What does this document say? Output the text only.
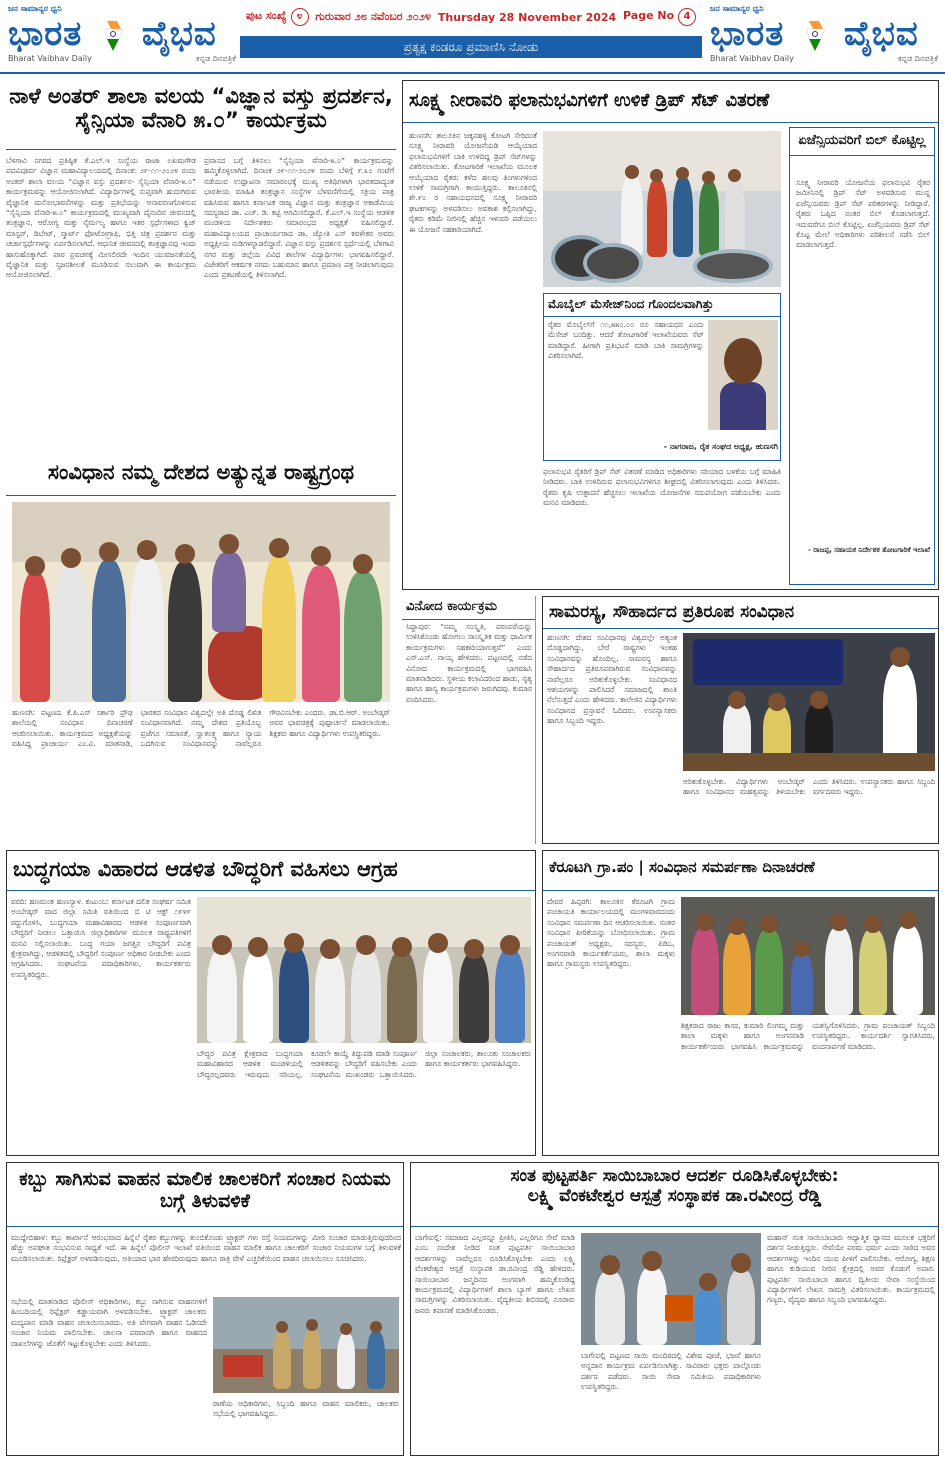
ಜನ ಸಾಮಾನ್ಯರ ಧ್ವನಿ
ಭಾರತ ವೈಭವ
Bharat Vaibhav Daily	ಕನ್ನಡ ದಿನಪತ್ರಿಕೆ
ಪುಟ ಸಂಖ್ಯೆ ೪	ಗುರುವಾರ ೨೮ ನವೆಂಬರ ೨೦೨೪ Thursday 28 November 2024 Page No 4
ಪ್ರತ್ಯಕ್ಷ ಕಂಡರೂ ಪ್ರಮಾಣಿಸಿ ನೋಡು
ಜನ ಸಾಮಾನ್ಯರ ಧ್ವನಿ
ಭಾರತ ವೈಭವ
Bharat Vaibhav Daily	ಕನ್ನಡ ದಿನಪತ್ರಿಕೆ
ನಾಳೆ ಅಂತರ್ ಶಾಲಾ ವಲಯ “ವಿಜ್ಞಾನ ವಸ್ತು ಪ್ರದರ್ಶನ, ಸೈನ್ಸಿಯಾ ವೆನಾರಿ ೫.೦” ಕಾರ್ಯಕ್ರಮ
ಬೆಳಗಾವಿ ನಗರದ ಪ್ರತಿಷ್ಠಿತ ಕೆ.ಎಲ್.ಇ ಸಂಸ್ಥೆಯ ರಾಜಾ ಲಖಮಗೌಡ ಪದವಿಪೂರ್ವ ವಿಜ್ಞಾನ ಮಹಾವಿದ್ಯಾಲಯದಲ್ಲಿ ದಿನಾಂಕ: ೨೯-೧೧-೨೦೨೪ ರಂದು ಅಂತರ್ ಶಾಲಾ ವಲಯ “ವಿಜ್ಞಾನ ವಸ್ತು ಪ್ರದರ್ಶನ- ಸೈನ್ಸಿಯಾ ವೆನಾರಿ-೫.೦” ಕಾರ್ಯಕ್ರಮವನ್ನು ಆಯೋಜಿಸಲಾಗಿದೆ. ವಿದ್ಯಾರ್ಥಿಗಳಲ್ಲಿ ಸುಪ್ತವಾಗಿ ಹುದುಗಿರುವ ವೈಜ್ಞಾನಿಕ ಮನೋಭಾವನೆಗಳನ್ನು ಮತ್ತು ಪ್ರತಿಭೆಯನ್ನು ಅನಾವರಣಗೊಳಿಸುವ “ಸೈನ್ಸಿಯಾ ವೆನಾರಿ-೫.೦” ಕಾರ್ಯಕ್ರಮದಲ್ಲಿ ಮುಖ್ಯವಾಗಿ ದೈನಂದಿನ ಜೀವನದಲ್ಲಿ ತಂತ್ರಜ್ಞಾನ, ಆರೋಗ್ಯ ಮತ್ತು ನೈರ್ಮಲ್ಯ ಹಾಗೂ ಇತರ ಸ್ಪರ್ಧೆಗಳಾದ ಕ್ವಿಜ್ ಮಾಸ್ಟರ್, ಡಿಬೇಟ್, ಸ್ಮಾರ್ಟ್ ಫೋಟೋಗ್ರಾಫಿ, ಭಿತ್ತಿ ಚಿತ್ರ ಪ್ರದರ್ಶನ ಮತ್ತು ಚರ್ಚಾಸ್ಪರ್ಧೆಗಳನ್ನು ಏರ್ಪಡಿಸಲಾಗಿದೆ. ಆಧುನಿಕ ಜೀವನದಲ್ಲಿ ತಂತ್ರಜ್ಞಾನವು ಇಂದು ಹಾಸುಹೊಕ್ಕಾಗಿದೆ. ಪಾಠ ಪ್ರವಚನಕ್ಕೆ ಮೀಸಲಿರದೇ ಇಂದಿನ ಯುವಜನತೆಯಲ್ಲಿ ವೈಜ್ಞಾನಿಕ ಮತ್ತು ಸೃಜನಶೀಲತೆ ಮೂಡಿಸುವ ಸಲುವಾಗಿ ಈ ಕಾರ್ಯಕ್ರಮ ಆಯೋಜಿಸಲಾಗಿದೆ.
ಪ್ರವಾಸದ ಬಗ್ಗೆ ತಿಳಿಸಲು “ಸೈನ್ಸಿಯಾ ವೆನಾರಿ-೫.೦” ಕಾರ್ಯಕ್ರಮವನ್ನು ಹಮ್ಮಿಕೊಳ್ಳಲಾಗಿದೆ. ದಿನಾಂಕ ೨೯-೧೧-೨೦೨೪ ರಂದು ಬೆಳಿಗ್ಗೆ ೯.೩೦ ಗಂಟೆಗೆ ನಡೆಯುವ ಉದ್ಘಾಟನಾ ಸಮಾರಂಭಕ್ಕೆ ಮುಖ್ಯ ಅತಿಥಿಗಳಾಗಿ ಭಾರತದಾದ್ಯಂತ ಭಾರತೀಯ ಮಾಹಿತಿ ತಂತ್ರಜ್ಞಾನ ಸಂಸ್ಥೆಗಳ ಬೆಳವಣಿಗೆಯಲ್ಲಿ ಸಕ್ರಿಯ ಪಾತ್ರ ವಹಿಸಿರುವ ಹಾಗೂ ಕರ್ನಾಟಕ ರಾಜ್ಯ ವಿಜ್ಞಾನ ಮತ್ತು ತಂತ್ರಜ್ಞಾನ ಅಕಾಡೆಮಿಯ ಸದಸ್ಯರಾದ ಡಾ. ಎಚ್. ಡಿ. ಕಟ್ಟಿ ಆಗಮಿಸಲಿದ್ದಾರೆ. ಕೆ.ಎಲ್.ಇ ಸಂಸ್ಥೆಯ ಆಡಳಿತ ಮಂಡಳಿಯ ನಿರ್ದೇಶಕರು ಸಮಾರಂಭದ ಅಧ್ಯಕ್ಷತೆ ವಹಿಸಲಿದ್ದಾರೆ. ಮಹಾವಿದ್ಯಾಲಯದ ಪ್ರಾಚಾರ್ಯರಾದ ಡಾ. ಜ್ಯೋತಿ ಎಸ್ ಕವಳೇಕರ ಅವರು ಅಧ್ಯಕ್ಷೀಯ ನುಡಿಗಳನ್ನಾಡಲಿದ್ದಾರೆ. ವಿಜ್ಞಾನ ವಸ್ತು ಪ್ರದರ್ಶನ ಸ್ಪರ್ಧೆಯಲ್ಲಿ ಬೆಳಗಾವಿ ನಗರ ಮತ್ತು ಜಿಲ್ಲೆಯ ವಿವಿಧ ಶಾಲೆಗಳ ವಿದ್ಯಾರ್ಥಿಗಳು ಭಾಗವಹಿಸಲಿದ್ದಾರೆ. ವಿಜೇತರಿಗೆ ಆಕರ್ಷಕ ನಗದು ಬಹುಮಾನ ಹಾಗೂ ಪ್ರಮಾಣ ಪತ್ರ ನೀಡಲಾಗುವುದು ಎಂದು ಪ್ರಕಟಣೆಯಲ್ಲಿ ತಿಳಿಸಲಾಗಿದೆ.
ಸೂಕ್ಷ್ಮ ನೀರಾವರಿ ಫಲಾನುಭವಿಗಳಿಗೆ ಉಳಿಕೆ ಡ್ರಿಪ್ ಸೆಟ್ ವಿತರಣೆ
ಹುಣಸಗಿ: ತಾಲೂಕಿನ ಜಕ್ಕನಹಳ್ಳಿ ಕೋಟಗಿ ಸೇರಿದಂತೆ ಸೂಕ್ಷ್ಮ ನೀರಾವರಿ ಯೋಜನೆಯಡಿ ಆಯ್ಕೆಯಾದ ಫಲಾನುಭವಿಗಳಿಗೆ ಬಾಕಿ ಉಳಿದಿದ್ದ ಡ್ರಿಪ್ ಸೆಟ್‌ಗಳನ್ನು ವಿತರಿಸಲಾಯಿತು. ತೋಟಗಾರಿಕೆ ಇಲಾಖೆಯ ಮೂಲಕ ಆಯ್ಕೆಯಾದ ರೈತರು ಕಳೆದ ಹಲವು ತಿಂಗಳುಗಳಿಂದ ಉಳಿಕೆ ಸಾಮಗ್ರಿಗಾಗಿ ಕಾಯುತ್ತಿದ್ದರು. ತಾಲೂಕಿನಲ್ಲಿ ಶೇ.೯೦ ರ ಸಹಾಯಧನದಲ್ಲಿ ಸೂಕ್ಷ್ಮ ನೀರಾವರಿ ಘಟಕಗಳನ್ನು ಅಳವಡಿಸಲು ಅವಕಾಶ ಕಲ್ಪಿಸಲಾಗಿದ್ದು, ರೈತರು ಕಡಿಮೆ ನೀರಿನಲ್ಲಿ ಹೆಚ್ಚಿನ ಇಳುವರಿ ಪಡೆಯಲು ಈ ಯೋಜನೆ ಸಹಕಾರಿಯಾಗಿದೆ.
ಫಲಾನುಭವಿ ರೈತರಿಗೆ ಡ್ರಿಪ್ ಸೆಟ್ ವಿತರಣೆ ಮಾಡಿದ ಅಧಿಕಾರಿಗಳು ಸರಿಯಾದ ಬಳಕೆಯ ಬಗ್ಗೆ ಮಾಹಿತಿ ನೀಡಿದರು. ಬಾಕಿ ಉಳಿದಿರುವ ಫಲಾನುಭವಿಗಳಿಗೂ ಶೀಘ್ರದಲ್ಲಿ ವಿತರಿಸಲಾಗುವುದು ಎಂದು ತಿಳಿಸಿದರು. ರೈತರು ಕೃಷಿ ಉತ್ಪಾದನೆ ಹೆಚ್ಚಿಸಲು ಇಲಾಖೆಯ ಯೋಜನೆಗಳ ಸದುಪಯೋಗ ಪಡೆಯಬೇಕು ಎಂದು ಮನವಿ ಮಾಡಿದರು.
ಮೊಬೈಲ್ ಮೆಸೇಜ್‌ನಿಂದ ಗೊಂದಲವಾಗಿತ್ತು
ರೈತರ ಮೊಬೈಲ್‌ಗೆ ೧೧,೫೫೦.೦೦ ರೂ ಸಹಾಯಧನ ಎಂದು ಮೆಸೇಜ್ ಬಂದಿತ್ತು. ಆದರೆ ತೋಟಗಾರಿಕೆ ಇಲಾಖೆಯವರು ಸೆಟ್ ಮಾಡಿದ್ದಾರೆ. ಹೀಗಾಗಿ ಪ್ರತಿಭಟನೆ ಮಾಡಿ ಬಾಕಿ ಸಾಮಗ್ರಿಗಳನ್ನು ವಿತರಿಸಲಾಗಿದೆ.
- ನಾಗರಾಜ, ರೈತ ಸಂಘದ ಅಧ್ಯಕ್ಷ, ಹುಣಸಗಿ
ಏಜೆನ್ಸಿಯವರಿಗೆ ಬಿಲ್ ಕೊಟ್ಟಿಲ್ಲ
ಸೂಕ್ಷ್ಮ ನೀರಾವರಿ ಯೋಜನೆಯ ಫಲಾನುಭವಿ ರೈತರ ಜಮೀನಿನಲ್ಲಿ ಡ್ರಿಪ್ ಸೆಟ್ ಅಳವಡಿಸುವ ಮುನ್ನ ಏಜೆನ್ಸಿಯವರು ಡ್ರಿಪ್ ಸೆಟ್ ಪರಿಕರಗಳನ್ನು ನೀಡಿದ್ದಾರೆ. ರೈತರು ಒಪ್ಪಿದ ನಂತರ ಬಿಲ್ ಕೊಡಲಾಗುತ್ತದೆ. ಇದುವರೆಗೂ ಬಿಲ್ ಕೊಟ್ಟಿಲ್ಲ. ಏಜೆನ್ಸಿಯವರು ಡ್ರಿಪ್ ಸೆಟ್ ಕೊಟ್ಟ ಮೇಲೆ ಅಧಿಕಾರಿಗಳು ಪರಿಶೀಲನೆ ನಡೆಸಿ ಬಿಲ್ ಮಾಡಲಾಗುತ್ತದೆ.
- ರಾಜಪ್ಪ, ಸಹಾಯಕ ನಿರ್ದೇಶಕ ತೋಟಗಾರಿಕೆ ಇಲಾಖೆ
ಸಂವಿಧಾನ ನಮ್ಮ ದೇಶದ ಅತ್ಯುನ್ನತ ರಾಷ್ಟ್ರಗ್ರಂಥ
ಹುಣಸಗಿ: ಪಟ್ಟಣದ ಕೆ.ಪಿ.ಎಸ್ ಸರ್ಕಾರಿ ಪ್ರೌಢ ಶಾಲೆಯಲ್ಲಿ ಸಂವಿಧಾನ ದಿನಾಚರಣೆ ಆಚರಿಸಲಾಯಿತು. ಕಾರ್ಯಕ್ರಮದ ಅಧ್ಯಕ್ಷತೆಯನ್ನು ವಹಿಸಿದ್ದ ಪ್ರಾಚಾರ್ಯ ಎಂ.ವಿ. ಮಾತನಾಡಿ, ಭಾರತದ ಸಂವಿಧಾನ ವಿಶ್ವದಲ್ಲೇ ಅತಿ ದೊಡ್ಡ ಲಿಖಿತ ಸಂವಿಧಾನವಾಗಿದೆ. ನಮ್ಮ ದೇಶದ ಪ್ರತಿಯೊಬ್ಬ ಪ್ರಜೆಗೂ ಸಮಾನತೆ, ಸ್ವಾತಂತ್ರ್ಯ ಹಾಗೂ ನ್ಯಾಯ ಒದಗಿಸುವ ಸಂವಿಧಾನವನ್ನು ನಾವೆಲ್ಲರೂ ಗೌರವಿಸಬೇಕು ಎಂದರು. ಡಾ.ಬಿ.ಆರ್. ಅಂಬೇಡ್ಕರ್ ಅವರ ಭಾವಚಿತ್ರಕ್ಕೆ ಪುಷ್ಪಾರ್ಚನೆ ಮಾಡಲಾಯಿತು. ಶಿಕ್ಷಕರು ಹಾಗೂ ವಿದ್ಯಾರ್ಥಿಗಳು ಉಪಸ್ಥಿತರಿದ್ದರು.
ವಿನೋದ ಕಾರ್ಯಕ್ರಮ
ಸಿದ್ದಾಪುರ: “ನಮ್ಮ ಸಂಸ್ಕೃತಿ, ಪರಂಪರೆಯನ್ನು ಉಳಿಸಿಕೊಂಡು ಹೋಗಲು ಸಾಂಸ್ಕೃತಿಕ ಮತ್ತು ಧಾರ್ಮಿಕ ಕಾರ್ಯಕ್ರಮಗಳು ಸಹಕಾರಿಯಾಗುತ್ತವೆ” ಎಂದು ಎಸ್.ಎಸ್. ನಾಯ್ಕ ಹೇಳಿದರು. ಪಟ್ಟಣದಲ್ಲಿ ನಡೆದ ವಿನೋದ ಕಾರ್ಯಕ್ರಮದಲ್ಲಿ ಭಾಗವಹಿಸಿ ಮಾತನಾಡಿದರು. ಸ್ಥಳೀಯ ಕಲಾವಿದರಿಂದ ಹಾಡು, ನೃತ್ಯ ಹಾಗೂ ಹಾಸ್ಯ ಕಾರ್ಯಕ್ರಮಗಳು ಜರುಗಿದವು. ಕುಮಾರ ವಂದಿಸಿದರು.
ಸಾಮರಸ್ಯ, ಸೌಹಾರ್ದದ ಪ್ರತಿರೂಪ ಸಂವಿಧಾನ
ಹುಣಸಗಿ: ದೇಶದ ಸಂವಿಧಾನವು ವಿಶ್ವದಲ್ಲೇ ಅತ್ಯಂತ ದೊಡ್ಡದಾಗಿದ್ದು, ಬೇರೆ ರಾಷ್ಟ್ರಗಳು ಇಂತಹ ಸಂವಿಧಾನವನ್ನು ಹೊಂದಿಲ್ಲ. ಸಾಮರಸ್ಯ ಹಾಗೂ ಸೌಹಾರ್ದದ ಪ್ರತಿರೂಪವಾಗಿರುವ ಸಂವಿಧಾನವನ್ನು ನಾವೆಲ್ಲರೂ ಅರಿತುಕೊಳ್ಳಬೇಕು. ಸಂವಿಧಾನದ ಆಶಯಗಳನ್ನು ಪಾಲಿಸಿದರೆ ಸಮಾಜದಲ್ಲಿ ಶಾಂತಿ ನೆಲೆಸುತ್ತದೆ ಎಂದು ಹೇಳಿದರು. ಕಾಲೇಜಿನ ವಿದ್ಯಾರ್ಥಿಗಳು ಸಂವಿಧಾನದ ಪ್ರಸ್ತಾವನೆ ಓದಿದರು. ಉಪನ್ಯಾಸಕರು ಹಾಗೂ ಸಿಬ್ಬಂದಿ ಇದ್ದರು.
ಅರಿತುಕೊಳ್ಳಬೇಕು. ವಿದ್ಯಾರ್ಥಿಗಳು ಅಂಬೇಡ್ಕರ್ ಹಾಗೂ ಸಂವಿಧಾನದ ಮಹತ್ವವನ್ನು ತಿಳಿಯಬೇಕು ಎಂದು ತಿಳಿಸಿದರು. ಉಪನ್ಯಾಸಕರು ಹಾಗೂ ಸಿಬ್ಬಂದಿ ವರ್ಗದವರು ಇದ್ದರು.
ಬುದ್ಧಗಯಾ ವಿಹಾರದ ಆಡಳಿತ ಬೌದ್ಧರಿಗೆ ವಹಿಸಲು ಆಗ್ರಹ
ವರದಿ: ಹಣಮಂತ ಹುಣಸ್ಯಾಳ. ಕುಟುಂಬ: ಕರ್ನಾಟಕ ದಲಿತ ಸಂಘರ್ಷ ಸಮಿತಿ ಅಂಬೇಡ್ಕರ್ ವಾದ ಜಿಲ್ಲಾ ಸಮಿತಿ ವತಿಯಿಂದ ಬಿ ಟಿ ಆಕ್ಟ್ ೧೯೪೯ ರದ್ದುಗೊಳಿಸಿ, ಬುದ್ಧಗಯಾ ಮಹಾವಿಹಾರದ ಆಡಳಿತ ಸಂಪೂರ್ಣವಾಗಿ ಬೌದ್ಧರಿಗೆ ನೀಡಲು ಒತ್ತಾಯಿಸಿ ಜಿಲ್ಲಾಧಿಕಾರಿಗಳ ಮೂಲಕ ರಾಷ್ಟ್ರಪತಿಗಳಿಗೆ ಮನವಿ ಸಲ್ಲಿಸಲಾಯಿತು. ಬುದ್ಧ ಗಯಾ ಜಗತ್ತಿನ ಬೌದ್ಧರಿಗೆ ಪವಿತ್ರ ಕ್ಷೇತ್ರವಾಗಿದ್ದು, ಆಡಳಿತದಲ್ಲಿ ಬೌದ್ಧರಿಗೆ ಸಂಪೂರ್ಣ ಅಧಿಕಾರ ನೀಡಬೇಕು ಎಂದು ಆಗ್ರಹಿಸಿದರು. ಸಂಘಟನೆಯ ಪದಾಧಿಕಾರಿಗಳು, ಕಾರ್ಯಕರ್ತರು ಉಪಸ್ಥಿತರಿದ್ದರು.
ಬೌದ್ಧರ ಪವಿತ್ರ ಕ್ಷೇತ್ರವಾದ ಬುದ್ಧಗಯಾ ಮಹಾವಿಹಾರದ ಆಡಳಿತ ಮಂಡಳಿಯಲ್ಲಿ ಬೌದ್ಧರಲ್ಲದವರು ಇರುವುದು ಸರಿಯಲ್ಲ. ಕೂಡಲೇ ಕಾಯ್ದೆ ತಿದ್ದುಪಡಿ ಮಾಡಿ ಸಂಪೂರ್ಣ ಆಡಳಿತವನ್ನು ಬೌದ್ಧರಿಗೆ ವಹಿಸಬೇಕು ಎಂದು ಸಂಘಟನೆಯ ಮುಖಂಡರು ಒತ್ತಾಯಿಸಿದರು. ಜಿಲ್ಲಾ ಸಂಚಾಲಕರು, ತಾಲೂಕು ಸಂಚಾಲಕರು ಹಾಗೂ ಕಾರ್ಯಕರ್ತರು ಭಾಗವಹಿಸಿದ್ದರು.
ಕೆರೂಟಗಿ ಗ್ರಾ.ಪಂ | ಸಂವಿಧಾನ ಸಮರ್ಪಣಾ ದಿನಾಚರಣೆ
ದೇವರ ಹಿಪ್ಪರಗಿ: ತಾಲೂಕಿನ ಕೆರೂಟಗಿ ಗ್ರಾಮ ಪಂಚಾಯತಿ ಕಾರ್ಯಾಲಯದಲ್ಲಿ ಮಂಗಳವಾರದಂದು ಸಂವಿಧಾನ ಸಮರ್ಪಣಾ ದಿನ ಆಚರಿಸಲಾಯಿತು. ನಂತರ ಸಂವಿಧಾನ ಪೀಠಿಕೆಯನ್ನು ಬೋಧಿಸಲಾಯಿತು. ಗ್ರಾಮ ಪಂಚಾಯತ್ ಅಧ್ಯಕ್ಷರು, ಸದಸ್ಯರು, ಪಿಡಿಒ, ಅಂಗನವಾಡಿ ಕಾರ್ಯಕರ್ತೆಯರು, ಶಾಲಾ ಮಕ್ಕಳು ಹಾಗೂ ಗ್ರಾಮಸ್ಥರು ಉಪಸ್ಥಿತರಿದ್ದರು.
ಶಿಕ್ಷಕರಾದ ರಾಜು ಕಾಸರ, ಕುಮಾರಿ ಲಿಂಗಮ್ಮ ಮತ್ತು ಶಾಲಾ ಮಕ್ಕಳು ಹಾಗೂ ಅಂಗನವಾಡಿ ಕಾರ್ಯಕರ್ತೆಯರು ಭಾಗವಹಿಸಿ ಕಾರ್ಯಕ್ರಮವನ್ನು ಯಶಸ್ವಿಗೊಳಿಸಿದರು. ಗ್ರಾಮ ಪಂಚಾಯತ್ ಸಿಬ್ಬಂದಿ ಉಪಸ್ಥಿತರಿದ್ದರು. ಕಾರ್ಯದರ್ಶಿ ಸ್ವಾಗತಿಸಿದರು, ವಂದನಾರ್ಪಣೆ ಮಾಡಿದರು.
ಕಬ್ಬು ಸಾಗಿಸುವ ವಾಹನ ಮಾಲಿಕ ಚಾಲಕರಿಗೆ ಸಂಚಾರ ನಿಯಮ ಬಗ್ಗೆ ತಿಳುವಳಿಕೆ
ಮುದ್ದೇಬಿಹಾಳ: ಕಬ್ಬು ಕಾರ್ಖಾನೆ ಆರಂಭವಾದ ಹಿನ್ನೆಲೆ ರೈತರ ಕಬ್ಬುಗಳನ್ನು ತುಂಬಿಕೊಂಡು ಟ್ರ್ಯಾಕ್ಟರ್ ಗಳು ರಸ್ತೆ ನಿಯಮಗಳನ್ನು ಮೀರಿ ಸಂಚಾರ ಮಾಡುತ್ತಿರುವುದರಿಂದ ಹೆಚ್ಚು ಅಪಘಾತ ಸಂಭವಿಸುವ ಸಾಧ್ಯತೆ ಇದೆ. ಈ ಹಿನ್ನೆಲೆ ಪೊಲೀಸ್ ಇಲಾಖೆ ವತಿಯಿಂದ ವಾಹನ ಮಾಲಿಕ ಹಾಗೂ ಚಾಲಕರಿಗೆ ಸಂಚಾರ ನಿಯಮಗಳ ಬಗ್ಗೆ ತಿಳುವಳಿಕೆ ಮೂಡಿಸಲಾಯಿತು. ರಿಫ್ಲೆಕ್ಟರ್ ಅಳವಡಿಸುವುದು, ಅತಿಯಾದ ಭಾರ ಹೇರದಿರುವುದು ಹಾಗೂ ರಾತ್ರಿ ವೇಳೆ ಎಚ್ಚರಿಕೆಯಿಂದ ವಾಹನ ಚಲಾಯಿಸಲು ಸೂಚಿಸಿದರು.
ಸಭೆಯಲ್ಲಿ ಮಾತನಾಡಿದ ಪೊಲೀಸ್ ಅಧಿಕಾರಿಗಳು, ಕಬ್ಬು ಸಾಗಿಸುವ ವಾಹನಗಳಿಗೆ ಹಿಂಬದಿಯಲ್ಲಿ ರಿಫ್ಲೆಕ್ಟರ್ ಕಡ್ಡಾಯವಾಗಿ ಅಳವಡಿಸಬೇಕು. ಟ್ರ್ಯಾಕ್ಟರ್ ಚಾಲಕರು ಮದ್ಯಪಾನ ಮಾಡಿ ವಾಹನ ಚಲಾಯಿಸಬಾರದು. ಅತಿ ವೇಗವಾಗಿ ವಾಹನ ಓಡಿಸದೇ ಸಂಚಾರ ನಿಯಮ ಪಾಲಿಸಬೇಕು. ಚಾಲನಾ ಪರವಾನಗಿ ಹಾಗೂ ವಾಹನದ ದಾಖಲೆಗಳನ್ನು ಜೊತೆಗೆ ಇಟ್ಟುಕೊಳ್ಳಬೇಕು ಎಂದು ತಿಳಿಸಿದರು.
ಠಾಣೆಯ ಅಧಿಕಾರಿಗಳು, ಸಿಬ್ಬಂದಿ ಹಾಗೂ ವಾಹನ ಮಾಲಿಕರು, ಚಾಲಕರು ಸಭೆಯಲ್ಲಿ ಭಾಗವಹಿಸಿದ್ದರು.
ಸಂತ ಪುಟ್ಟಪರ್ತಿ ಸಾಯಿಬಾಬಾರ ಆದರ್ಶ ರೂಡಿಸಿಕೊಳ್ಳಬೇಕು:
ಲಕ್ಷ್ಮಿ ವೆಂಕಟೇಶ್ವರ ಆಸ್ಪತ್ರೆ ಸಂಸ್ಥಾಪಕ ಡಾ.ರವೀಂದ್ರ ರೆಡ್ಡಿ
ಬಾಗೇಪಲ್ಲಿ: ಸಮಾಜದ ಎಲ್ಲರನ್ನೂ ಪ್ರೀತಿಸಿ, ಎಲ್ಲರಿಗೂ ಸೇವೆ ಮಾಡಿ ಎಂಬ ಸಂದೇಶ ನೀಡಿದ ಸಂತ ಪುಟ್ಟಪರ್ತಿ ಸಾಯಿಬಾಬಾರ ಆದರ್ಶಗಳನ್ನು ನಾವೆಲ್ಲರೂ ರೂಡಿಸಿಕೊಳ್ಳಬೇಕು ಎಂದು ಲಕ್ಷ್ಮಿ ವೆಂಕಟೇಶ್ವರ ಆಸ್ಪತ್ರೆ ಸಂಸ್ಥಾಪಕ ಡಾ.ರವೀಂದ್ರ ರೆಡ್ಡಿ ಹೇಳಿದರು. ಸಾಯಿಬಾಬಾರ ಜನ್ಮದಿನದ ಅಂಗವಾಗಿ ಹಮ್ಮಿಕೊಂಡಿದ್ದ ಕಾರ್ಯಕ್ರಮದಲ್ಲಿ ವಿದ್ಯಾರ್ಥಿಗಳಿಗೆ ಶಾಲಾ ಬ್ಯಾಗ್ ಹಾಗೂ ಲೇಖನ ಸಾಮಗ್ರಿಗಳನ್ನು ವಿತರಿಸಲಾಯಿತು. ವೈದ್ಯಕೀಯ ಶಿಬಿರದಲ್ಲಿ ನೂರಾರು ಜನರು ತಪಾಸಣೆ ಮಾಡಿಸಿಕೊಂಡರು.
ಬಾಗೇಪಲ್ಲಿ ಪಟ್ಟಣದ ಸಾಯಿ ಮಂದಿರದಲ್ಲಿ ವಿಶೇಷ ಪೂಜೆ, ಭಜನೆ ಹಾಗೂ ಅನ್ನದಾನ ಕಾರ್ಯಕ್ರಮ ಏರ್ಪಡಿಸಲಾಗಿತ್ತು. ಸಾವಿರಾರು ಭಕ್ತರು ಪಾಲ್ಗೊಂಡು ದರ್ಶನ ಪಡೆದರು. ಸಾಯಿ ಸೇವಾ ಸಮಿತಿಯ ಪದಾಧಿಕಾರಿಗಳು ಉಪಸ್ಥಿತರಿದ್ದರು.
ಮಹಾನ್ ಸಂತ ಸಾಯಿಬಾಬಾರು ಆಧ್ಯಾತ್ಮಿಕ ಧ್ಯಾನದ ಮೂಲಕ ಭಕ್ತರಿಗೆ ದರ್ಶನ ನೀಡುತ್ತಿದ್ದರು. ಸೇವೆಯೇ ಪರಮ ಧರ್ಮ ಎಂದು ಸಾರಿದ ಅವರ ಆದರ್ಶಗಳನ್ನು ಇಂದಿನ ಯುವ ಪೀಳಿಗೆ ಪಾಲಿಸಬೇಕು. ಆರೋಗ್ಯ, ಶಿಕ್ಷಣ ಹಾಗೂ ಕುಡಿಯುವ ನೀರಿನ ಕ್ಷೇತ್ರದಲ್ಲಿ ಅವರ ಕೊಡುಗೆ ಅಪಾರ. ಪುಟ್ಟಪರ್ತಿ ಸಾಯಿಬಾಬಾ ಹಾಗೂ ದ್ವಿತೀಯ ಸೇವಾ ಸಂಸ್ಥೆಯಿಂದ ವಿದ್ಯಾರ್ಥಿಗಳಿಗೆ ಲೇಖನ ಸಾಮಗ್ರಿ ವಿತರಿಸಲಾಯಿತು. ಕಾರ್ಯಕ್ರಮದಲ್ಲಿ ಗಣ್ಯರು, ವೈದ್ಯರು ಹಾಗೂ ಸಿಬ್ಬಂದಿ ಭಾಗವಹಿಸಿದ್ದರು.
